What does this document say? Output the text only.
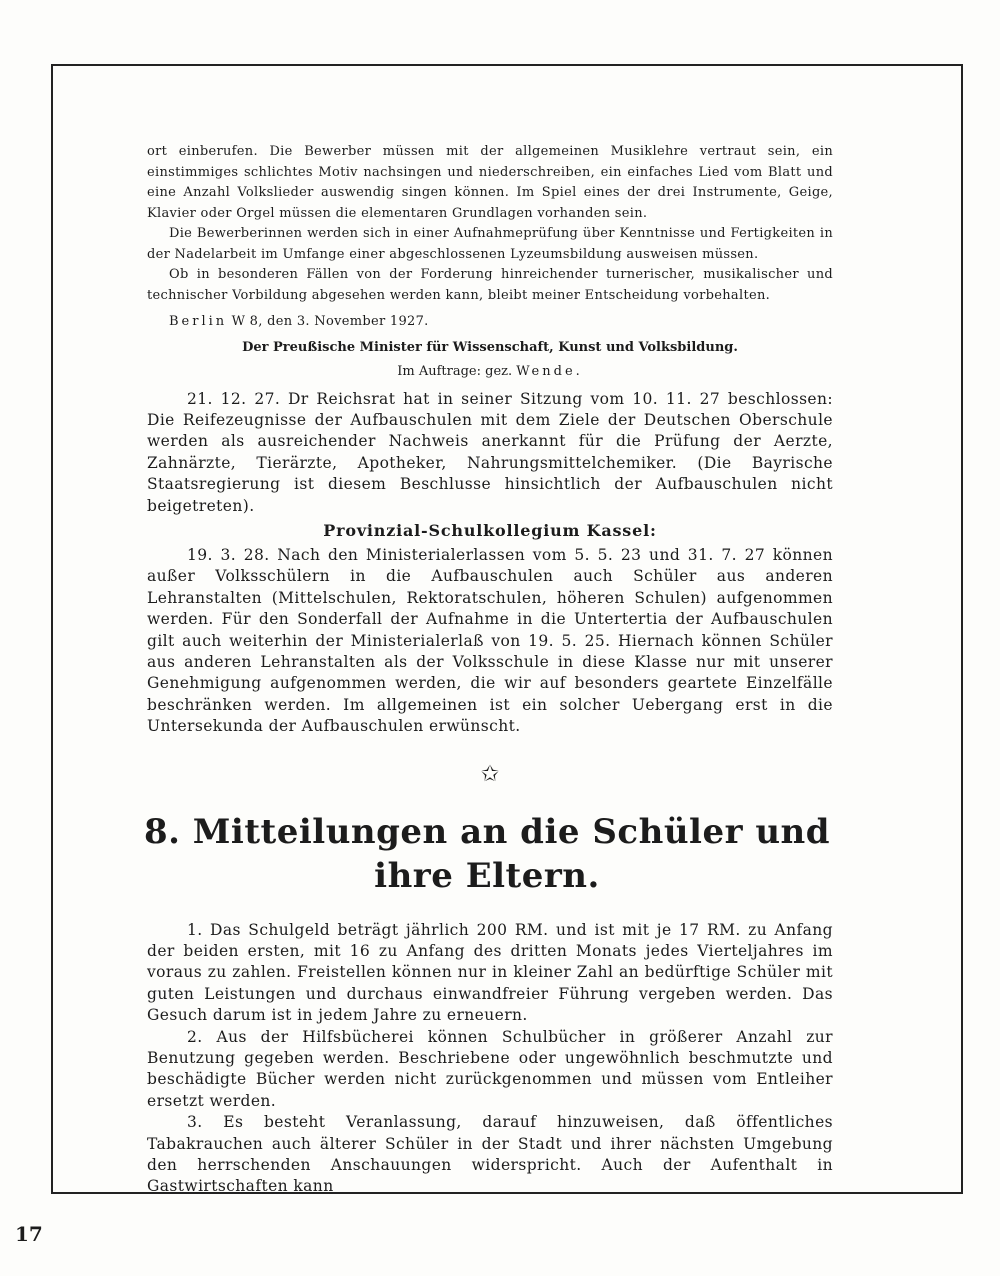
ort einberufen. Die Bewerber müssen mit der allgemeinen Musiklehre vertraut sein, ein einstimmiges schlichtes Motiv nachsingen und niederschreiben, ein einfaches Lied vom Blatt und eine Anzahl Volkslieder auswendig singen können. Im Spiel eines der drei Instrumente, Geige, Klavier oder Orgel müssen die elementaren Grundlagen vorhanden sein.

Die Bewerberinnen werden sich in einer Aufnahmeprüfung über Kenntnisse und Fertigkeiten in der Nadelarbeit im Umfange einer abgeschlossenen Lyzeumsbildung ausweisen müssen.

Ob in besonderen Fällen von der Forderung hinreichender turnerischer, musikalischer und technischer Vorbildung abgesehen werden kann, bleibt meiner Entscheidung vorbehalten.

Berlin W 8, den 3. November 1927.

Der Preußische Minister für Wissenschaft, Kunst und Volksbildung.

Im Auftrage: gez. Wende.

21. 12. 27. Dr Reichsrat hat in seiner Sitzung vom 10. 11. 27 beschlossen: Die Reifezeugnisse der Aufbauschulen mit dem Ziele der Deutschen Oberschule werden als ausreichender Nachweis anerkannt für die Prüfung der Aerzte, Zahnärzte, Tierärzte, Apotheker, Nahrungsmittelchemiker. (Die Bayrische Staatsregierung ist diesem Beschlusse hinsichtlich der Aufbauschulen nicht beigetreten).

Provinzial-Schulkollegium Kassel:

19. 3. 28. Nach den Ministerialerlassen vom 5. 5. 23 und 31. 7. 27 können außer Volksschülern in die Aufbauschulen auch Schüler aus anderen Lehranstalten (Mittelschulen, Rektoratschulen, höheren Schulen) aufgenommen werden. Für den Sonderfall der Aufnahme in die Untertertia der Aufbauschulen gilt auch weiterhin der Ministerialerlaß von 19. 5. 25. Hiernach können Schüler aus anderen Lehranstalten als der Volksschule in diese Klasse nur mit unserer Genehmigung aufgenommen werden, die wir auf besonders geartete Einzelfälle beschränken werden. Im allgemeinen ist ein solcher Uebergang erst in die Untersekunda der Aufbauschulen erwünscht.

✩
8. Mitteilungen an die Schüler und ihre Eltern.

1. Das Schulgeld beträgt jährlich 200 RM. und ist mit je 17 RM. zu Anfang der beiden ersten, mit 16 zu Anfang des dritten Monats jedes Vierteljahres im voraus zu zahlen. Freistellen können nur in kleiner Zahl an bedürftige Schüler mit guten Leistungen und durchaus einwandfreier Führung vergeben werden. Das Gesuch darum ist in jedem Jahre zu erneuern.

2. Aus der Hilfsbücherei können Schulbücher in größerer Anzahl zur Benutzung gegeben werden. Beschriebene oder ungewöhnlich beschmutzte und beschädigte Bücher werden nicht zurückgenommen und müssen vom Entleiher ersetzt werden.

3. Es besteht Veranlassung, darauf hinzuweisen, daß öffentliches Tabakrauchen auch älterer Schüler in der Stadt und ihrer nächsten Umgebung den herrschenden Anschauungen widerspricht. Auch der Aufenthalt in Gastwirtschaften kann

17
